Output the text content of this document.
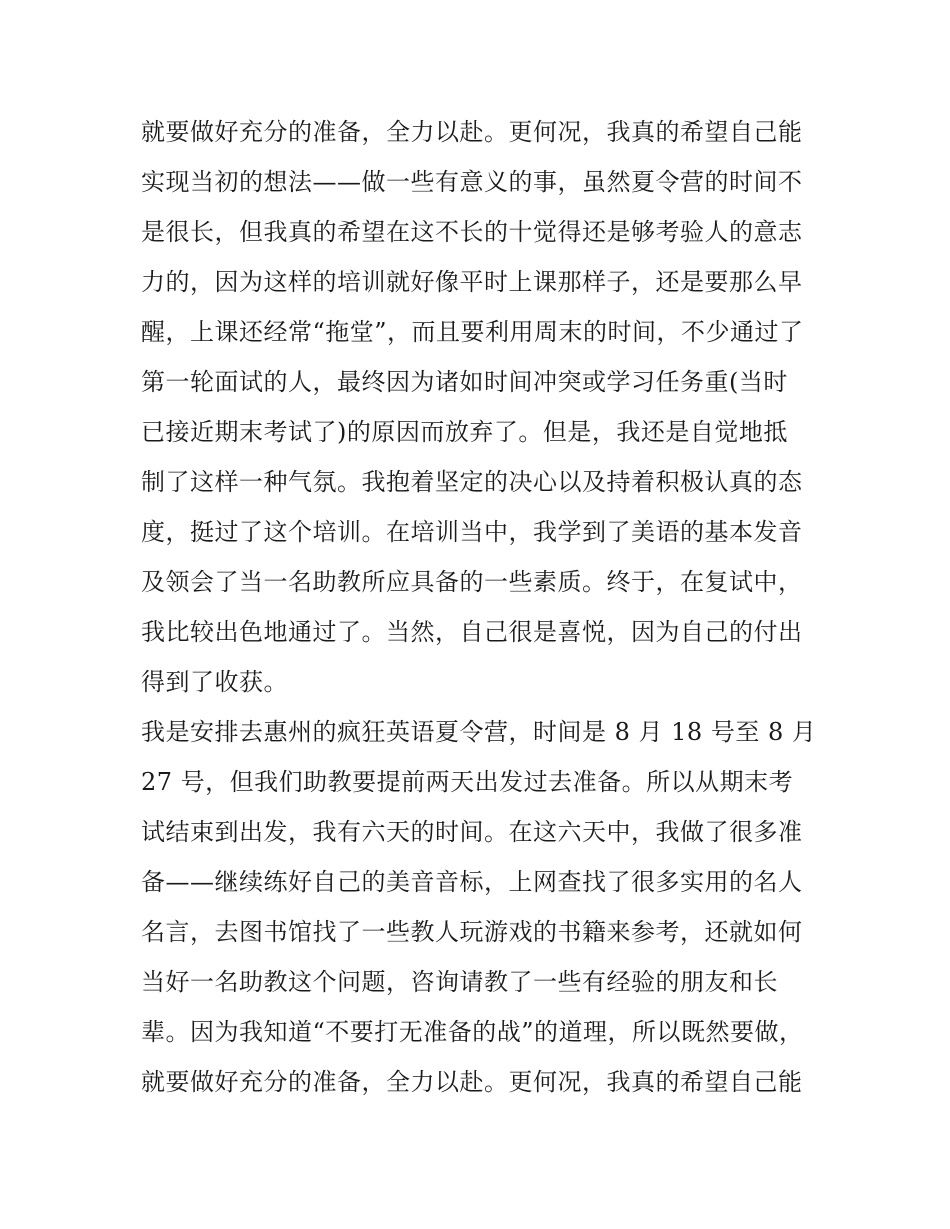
就要做好充分的准备，全力以赴。更何况，我真的希望自己能
实现当初的想法——做一些有意义的事，虽然夏令营的时间不
是很长，但我真的希望在这不长的十觉得还是够考验人的意志
力的，因为这样的培训就好像平时上课那样子，还是要那么早
醒，上课还经常“拖堂”，而且要利用周末的时间，不少通过了
第一轮面试的人，最终因为诸如时间冲突或学习任务重(当时
已接近期末考试了)的原因而放弃了。但是，我还是自觉地抵
制了这样一种气氛。我抱着坚定的决心以及持着积极认真的态
度，挺过了这个培训。在培训当中，我学到了美语的基本发音
及领会了当一名助教所应具备的一些素质。终于，在复试中，
我比较出色地通过了。当然，自己很是喜悦，因为自己的付出
得到了收获。
我是安排去惠州的疯狂英语夏令营，时间是 8 月 18 号至 8 月
27 号，但我们助教要提前两天出发过去准备。所以从期末考
试结束到出发，我有六天的时间。在这六天中，我做了很多准
备——继续练好自己的美音音标，上网查找了很多实用的名人
名言，去图书馆找了一些教人玩游戏的书籍来参考，还就如何
当好一名助教这个问题，咨询请教了一些有经验的朋友和长
辈。因为我知道“不要打无准备的战”的道理，所以既然要做，
就要做好充分的准备，全力以赴。更何况，我真的希望自己能
